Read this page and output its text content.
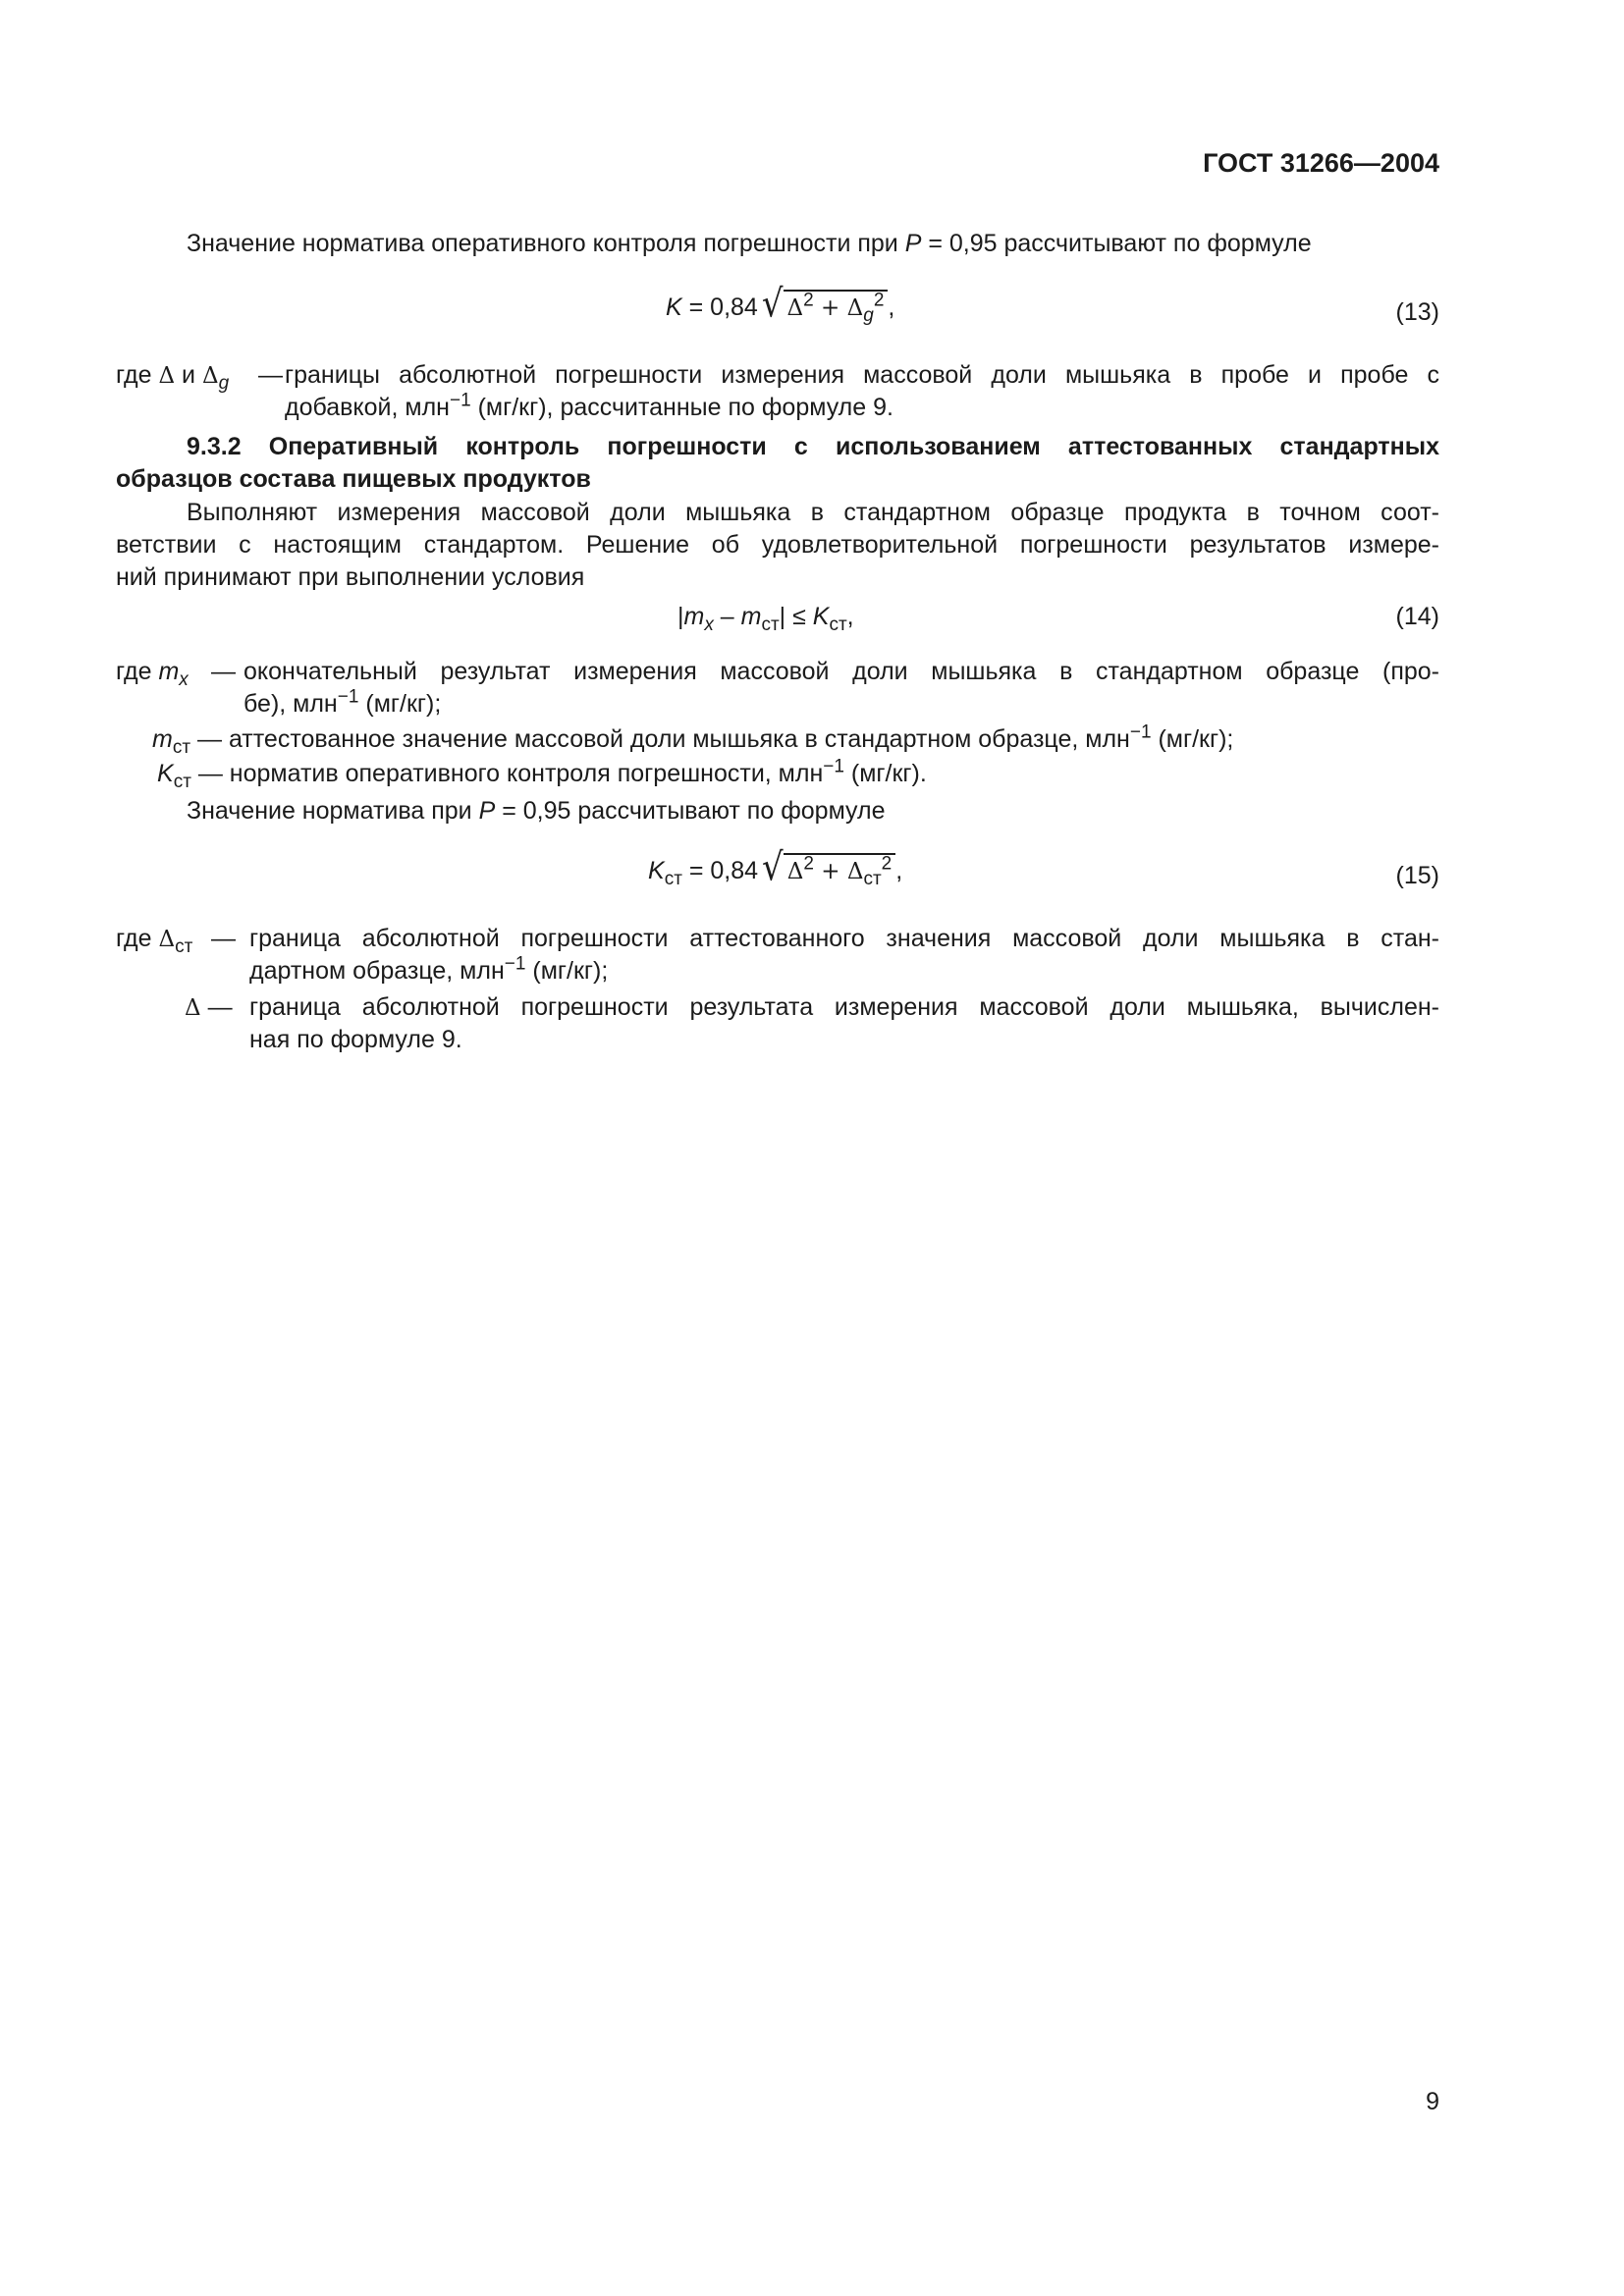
ГОСТ 31266—2004
Значение норматива оперативного контроля погрешности при P = 0,95 рассчитывают по формуле
K = 0,84 √ $\Delta^2 + \Delta_g^2$ ,	(13)
где Δ и $\Delta_g$ — границы абсолютной погрешности измерения массовой доли мышьяка в пробе и пробе с
добавкой, млн$^{-1}$ (мг/кг), рассчитанные по формуле 9.
9.3.2 Оперативный контроль погрешности с использованием аттестованных стандартных
образцов состава пищевых продуктов
Выполняют измерения массовой доли мышьяка в стандартном образце продукта в точном соот-
ветствии с настоящим стандартом. Решение об удовлетворительной погрешности результатов измере-
ний принимают при выполнении условия
$|m_x - m_{ст}| \le K_{ст}$,	(14)
где $m_x$ — окончательный результат измерения массовой доли мышьяка в стандартном образце (про-
бе), млн$^{-1}$ (мг/кг);
$m_{ст}$ — аттестованное значение массовой доли мышьяка в стандартном образце, млн$^{-1}$ (мг/кг);
$K_{ст}$ — норматив оперативного контроля погрешности, млн$^{-1}$ (мг/кг).
Значение норматива при P = 0,95 рассчитывают по формуле
$K_{ст} = 0,84$ √ $\Delta^2 + \Delta_{ст}^2$ ,	(15)
где $\Delta_{ст}$ — граница абсолютной погрешности аттестованного значения массовой доли мышьяка в стан-
дартном образце, млн$^{-1}$ (мг/кг);
Δ — граница абсолютной погрешности результата измерения массовой доли мышьяка, вычислен-
ная по формуле 9.
9
